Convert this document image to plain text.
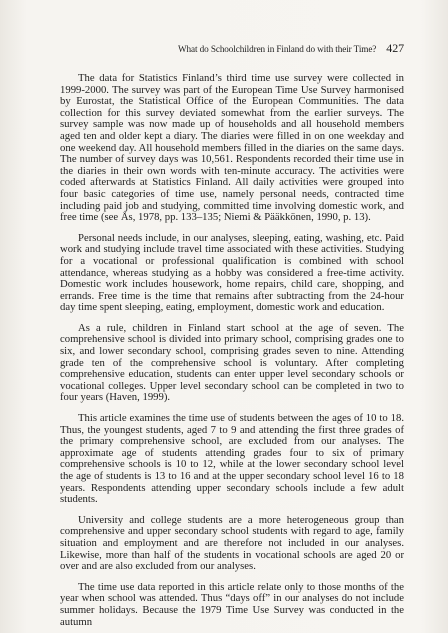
What do Schoolchildren in Finland do with their Time? 427

The data for Statistics Finland’s third time use survey were collected in 1999-2000. The survey was part of the European Time Use Survey harmonised by Eurostat, the Statistical Office of the European Communities. The data collection for this survey deviated somewhat from the earlier surveys. The survey sample was now made up of households and all household members aged ten and older kept a diary. The diaries were filled in on one weekday and one weekend day. All household members filled in the diaries on the same days. The number of survey days was 10,561. Respondents recorded their time use in the diaries in their own words with ten-minute accuracy. The activities were coded afterwards at Statistics Finland. All daily activities were grouped into four basic categories of time use, namely personal needs, contracted time including paid job and studying, committed time involving domestic work, and free time (see Ås, 1978, pp. 133–135; Niemi & Pääkkönen, 1990, p. 13).

Personal needs include, in our analyses, sleeping, eating, washing, etc. Paid work and studying include travel time associated with these activities. Studying for a vocational or professional qualification is combined with school attendance, whereas studying as a hobby was considered a free-time activity. Domestic work includes housework, home repairs, child care, shopping, and errands. Free time is the time that remains after subtracting from the 24-hour day time spent sleeping, eating, employment, domestic work and education.

As a rule, children in Finland start school at the age of seven. The comprehensive school is divided into primary school, comprising grades one to six, and lower secondary school, comprising grades seven to nine. Attending grade ten of the comprehensive school is voluntary. After completing comprehensive education, students can enter upper level secondary schools or vocational colleges. Upper level secondary school can be completed in two to four years (Haven, 1999).

This article examines the time use of students between the ages of 10 to 18. Thus, the youngest students, aged 7 to 9 and attending the first three grades of the primary comprehensive school, are excluded from our analyses. The approximate age of students attending grades four to six of primary comprehensive schools is 10 to 12, while at the lower secondary school level the age of students is 13 to 16 and at the upper secondary school level 16 to 18 years. Respondents attending upper secondary schools include a few adult students.

University and college students are a more heterogeneous group than comprehensive and upper secondary school students with regard to age, family situation and employment and are therefore not included in our analyses. Likewise, more than half of the students in vocational schools are aged 20 or over and are also excluded from our analyses.

The time use data reported in this article relate only to those months of the year when school was attended. Thus “days off” in our analyses do not include summer holidays. Because the 1979 Time Use Survey was conducted in the autumn
